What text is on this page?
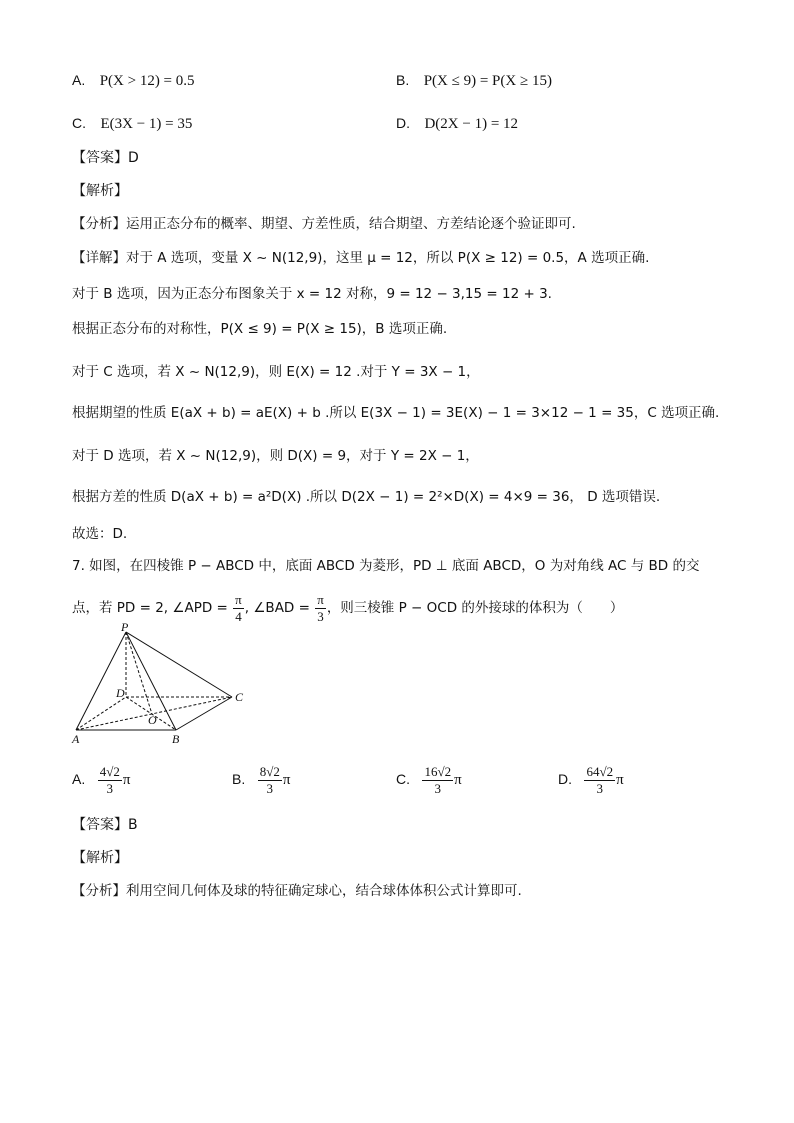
A. P(X > 12) = 0.5	B. P(X ≤ 9) = P(X ≥ 15)
C. E(3X − 1) = 35	D. D(2X − 1) = 12
【答案】D
【解析】
【分析】运用正态分布的概率、期望、方差性质，结合期望、方差结论逐个验证即可.
【详解】对于 A 选项，变量 X ~ N(12,9)，这里 μ = 12，所以 P(X ≥ 12) = 0.5，A 选项正确.
对于 B 选项，因为正态分布图象关于 x = 12 对称，9 = 12 − 3,15 = 12 + 3.
根据正态分布的对称性，P(X ≤ 9) = P(X ≥ 15)，B 选项正确.
对于 C 选项，若 X ~ N(12,9)，则 E(X) = 12 .对于 Y = 3X − 1，
根据期望的性质 E(aX + b) = aE(X) + b .所以 E(3X − 1) = 3E(X) − 1 = 3×12 − 1 = 35，C 选项正确.
对于 D 选项，若 X ~ N(12,9)，则 D(X) = 9，对于 Y = 2X − 1，
根据方差的性质 D(aX + b) = a²D(X) .所以 D(2X − 1) = 2²×D(X) = 4×9 = 36， D 选项错误.
故选：D.
7. 如图，在四棱锥 P − ABCD 中，底面 ABCD 为菱形，PD ⊥ 底面 ABCD，O 为对角线 AC 与 BD 的交
点，若 PD = 2, ∠APD = $\frac{\pi}{4}$ , ∠BAD = $\frac{\pi}{3}$ ，则三棱锥 P − OCD 的外接球的体积为（　　）
P
D	C
O
A	B
A. $\frac{4√2}{3}$ π	B. $\frac{8√2}{3}$ π	C. $\frac{16√2}{3}$ π	D. $\frac{64√2}{3}$ π
【答案】B
【解析】
【分析】利用空间几何体及球的特征确定球心，结合球体体积公式计算即可.
